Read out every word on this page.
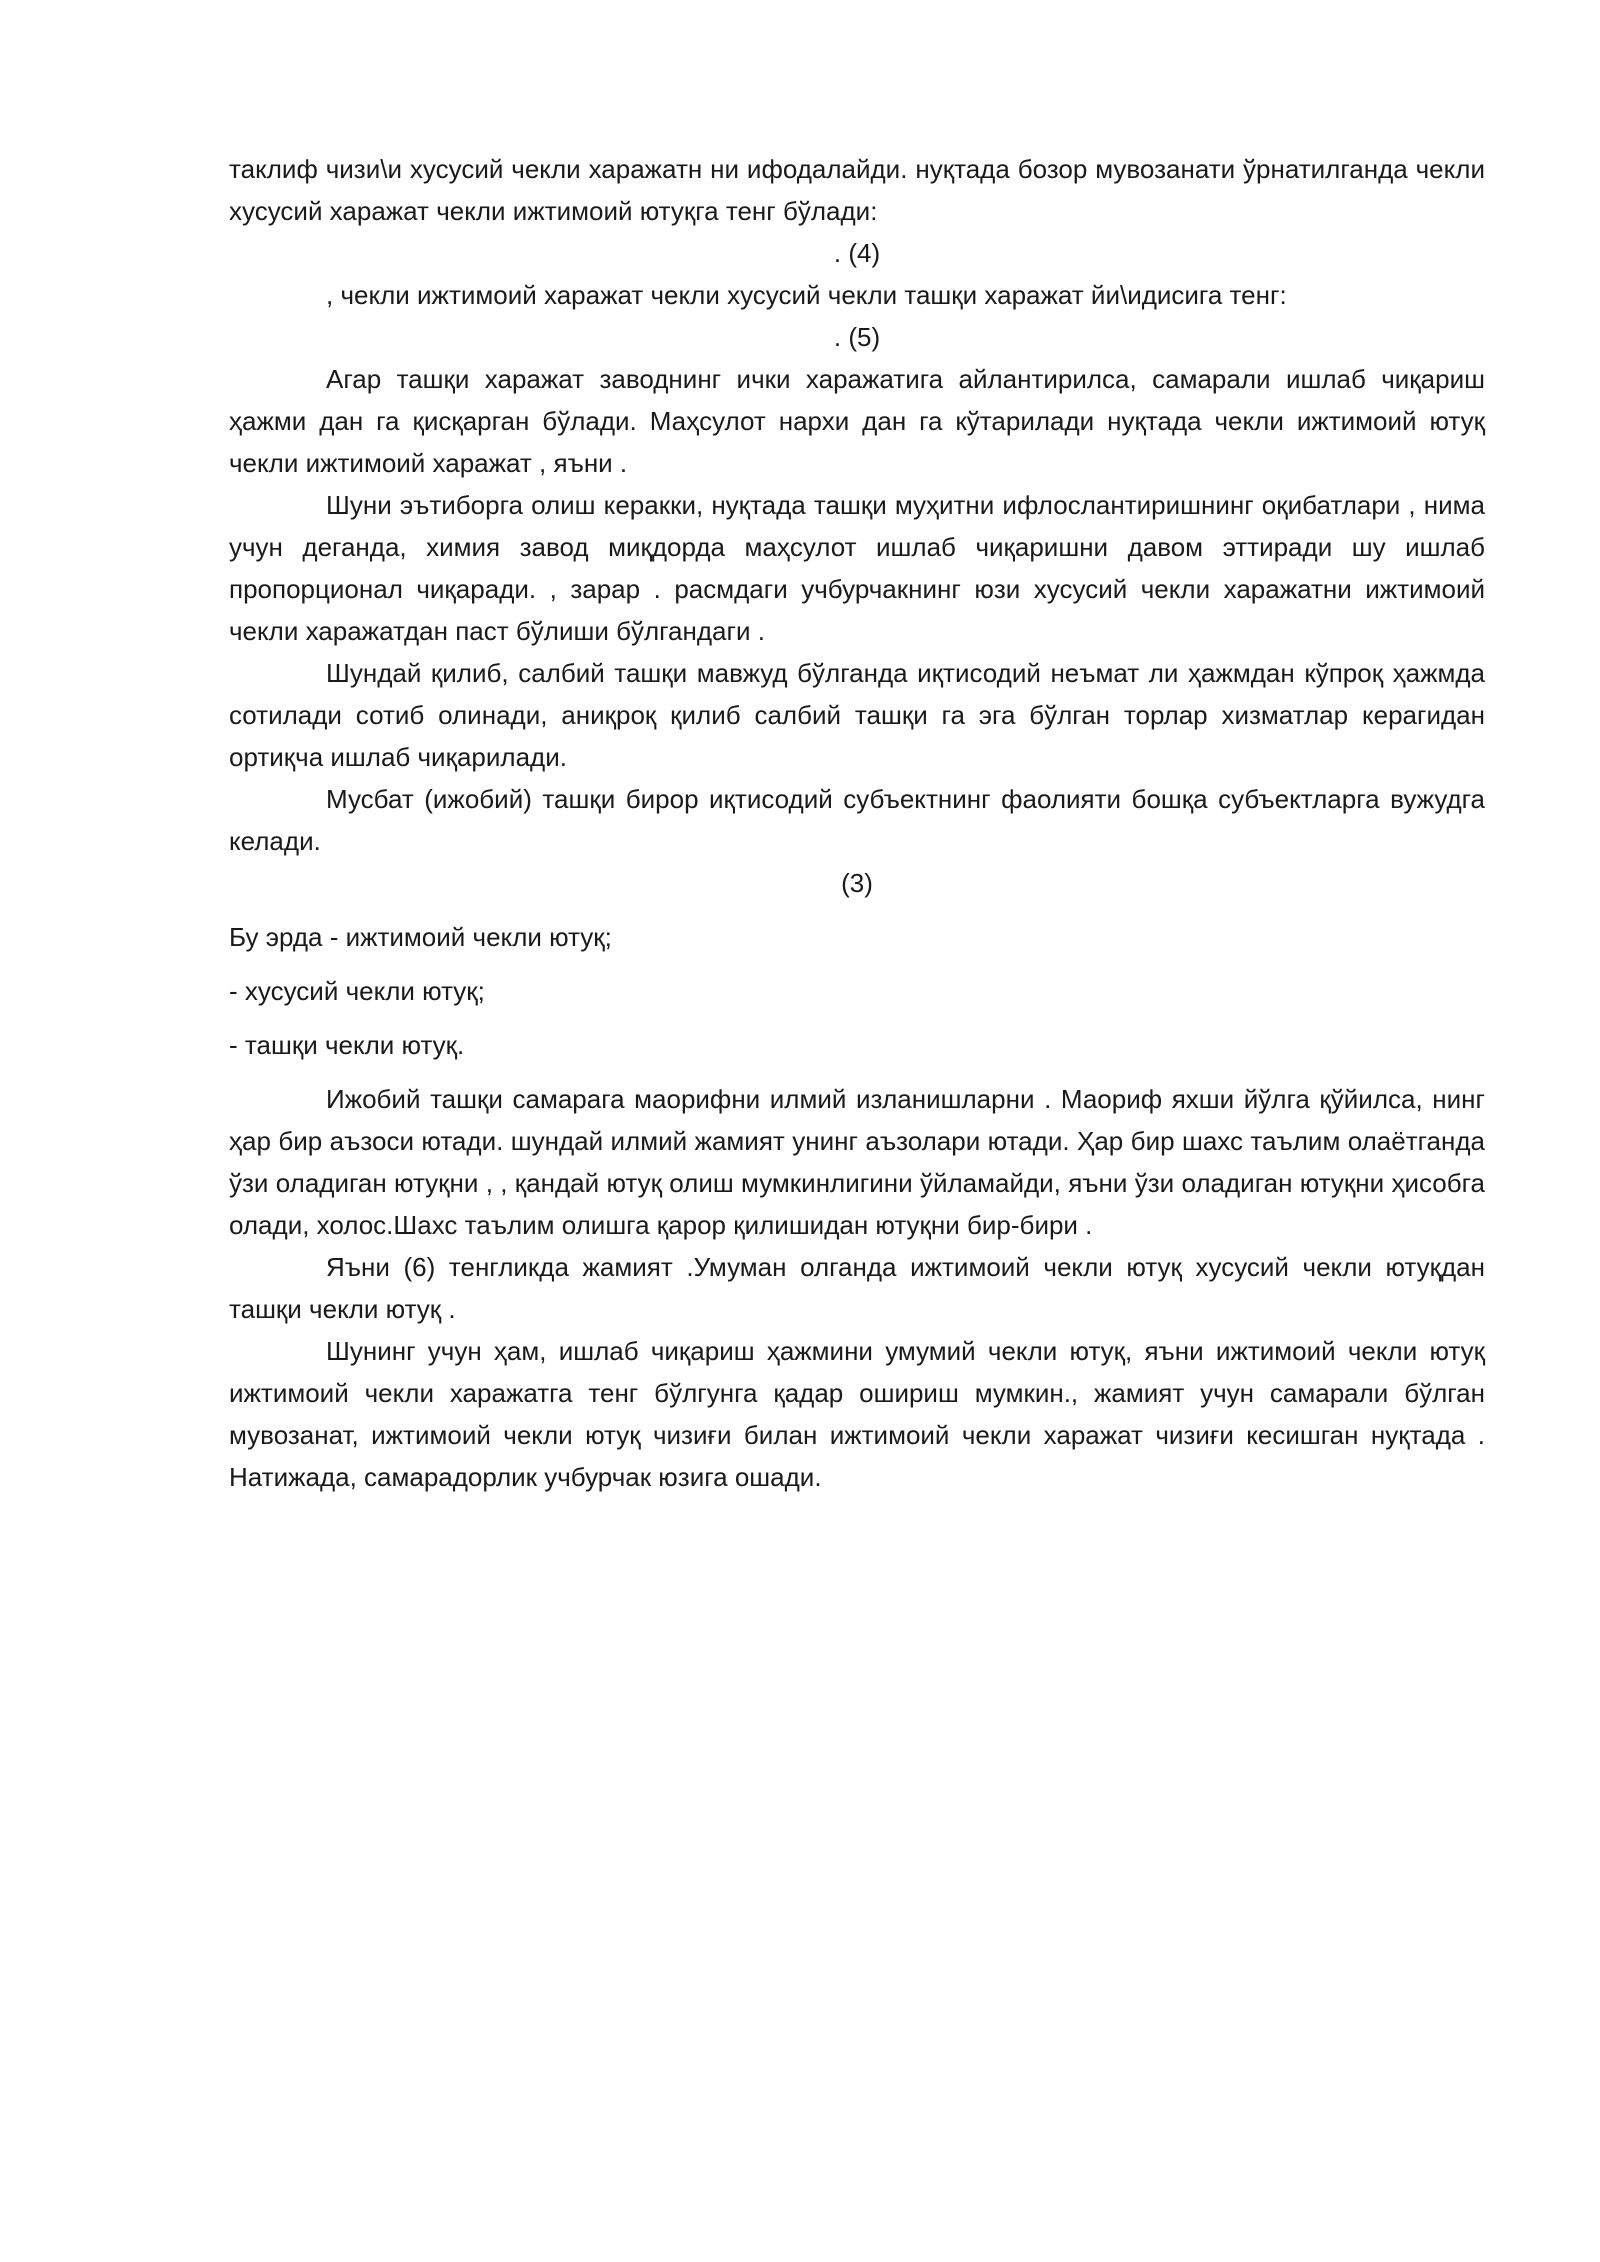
таклиф чизи\и хусусий чекли харажатн ни ифодалайди. нуқтада бозор мувозанати ўрнатилганда чекли хусусий харажат чекли ижтимоий ютуқга тенг бўлади:

. (4)

, чекли ижтимоий харажат чекли хусусий чекли ташқи харажат йи\идисига тенг:

. (5)

Агар ташқи харажат заводнинг ички харажатига айлантирилса, самарали ишлаб чиқариш ҳажми дан га қисқарган бўлади. Маҳсулот нархи дан га кўтарилади нуқтада чекли ижтимоий ютуқ чекли ижтимоий харажат , яъни .

Шуни эътиборга олиш керакки, нуқтада ташқи муҳитни ифлослантиришнинг оқибатлари , нима учун деганда, химия завод миқдорда маҳсулот ишлаб чиқаришни давом эттиради шу ишлаб пропорционал чиқаради. , зарар . расмдаги учбурчакнинг юзи хусусий чекли харажатни ижтимоий чекли харажатдан паст бўлиши бўлгандаги .

Шундай қилиб, салбий ташқи мавжуд бўлганда иқтисодий неъмат ли ҳажмдан кўпроқ ҳажмда сотилади сотиб олинади, аниқроқ қилиб салбий ташқи га эга бўлган торлар хизматлар керагидан ортиқча ишлаб чиқарилади.

Мусбат (ижобий) ташқи бирор иқтисодий субъектнинг фаолияти бошқа субъектларга вужудга келади.

(3)

Бу эрда - ижтимоий чекли ютуқ;

- хусусий чекли ютуқ;

- ташқи чекли ютуқ.

Ижобий ташқи самарага маорифни илмий изланишларни . Маориф яхши йўлга қўйилса, нинг ҳар бир аъзоси ютади. шундай илмий жамият унинг аъзолари ютади. Ҳар бир шахс таълим олаётганда ўзи оладиган ютуқни , , қандай ютуқ олиш мумкинлигини ўйламайди, яъни ўзи оладиган ютуқни ҳисобга олади, холос.Шахс таълим олишга қарор қилишидан ютуқни бир-бири .

Яъни (6) тенгликда жамият .Умуман олганда ижтимоий чекли ютуқ хусусий чекли ютуқдан ташқи чекли ютуқ .

Шунинг учун ҳам, ишлаб чиқариш ҳажмини умумий чекли ютуқ, яъни ижтимоий чекли ютуқ ижтимоий чекли харажатга тенг бўлгунга қадар ошириш мумкин., жамият учун самарали бўлган мувозанат, ижтимоий чекли ютуқ чизиғи билан ижтимоий чекли харажат чизиғи кесишган нуқтада . Натижада, самарадорлик учбурчак юзига ошади.
